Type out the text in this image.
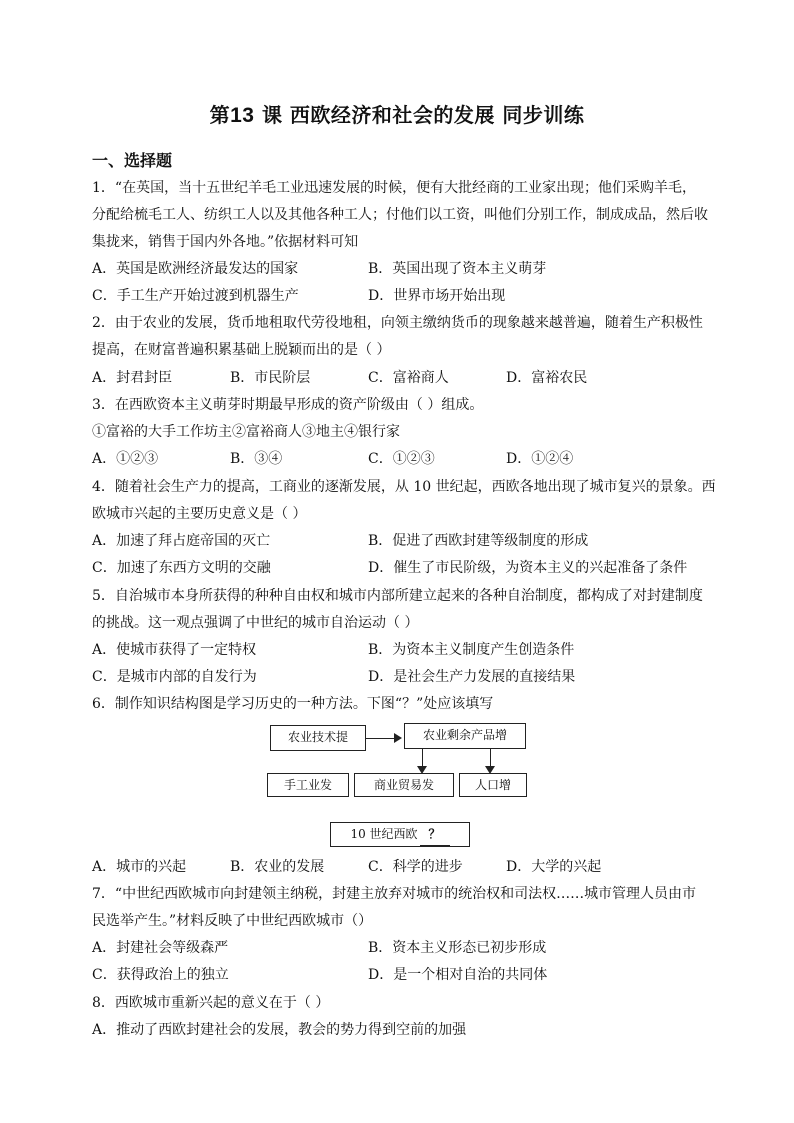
第13 课 西欧经济和社会的发展 同步训练
一、选择题
1．“在英国，当十五世纪羊毛工业迅速发展的时候，便有大批经商的工业家出现；他们采购羊毛，
分配给梳毛工人、纺织工人以及其他各种工人；付他们以工资，叫他们分别工作，制成成品，然后收
集拢来，销售于国内外各地。”依据材料可知
A．英国是欧洲经济最发达的国家	B．英国出现了资本主义萌芽
C．手工生产开始过渡到机器生产	D．世界市场开始出现
2．由于农业的发展，货币地租取代劳役地租，向领主缴纳货币的现象越来越普遍，随着生产积极性
提高，在财富普遍积累基础上脱颖而出的是（ ）
A．封君封臣	B．市民阶层	C．富裕商人	D．富裕农民
3．在西欧资本主义萌芽时期最早形成的资产阶级由（ ）组成。
①富裕的大手工作坊主②富裕商人③地主④银行家
A．①②③	B．③④	C．①②③	D．①②④
4．随着社会生产力的提高，工商业的逐渐发展，从 10 世纪起，西欧各地出现了城市复兴的景象。西
欧城市兴起的主要历史意义是（ ）
A．加速了拜占庭帝国的灭亡	B．促进了西欧封建等级制度的形成
C．加速了东西方文明的交融	D．催生了市民阶级，为资本主义的兴起准备了条件
5．自治城市本身所获得的种种自由权和城市内部所建立起来的各种自治制度，都构成了对封建制度
的挑战。这一观点强调了中世纪的城市自治运动（ ）
A．使城市获得了一定特权	B．为资本主义制度产生创造条件
C．是城市内部的自发行为	D．是社会生产力发展的直接结果
6．制作知识结构图是学习历史的一种方法。下图“？”处应该填写
农业技术提	农业剩余产品增
手工业发	商业贸易发	人口增
10 世纪西欧 ？
A．城市的兴起	B．农业的发展	C．科学的进步	D．大学的兴起
7．“中世纪西欧城市向封建领主纳税，封建主放弃对城市的统治权和司法权……城市管理人员由市
民选举产生。”材料反映了中世纪西欧城市（）
A．封建社会等级森严	B．资本主义形态已初步形成
C．获得政治上的独立	D．是一个相对自治的共同体
8．西欧城市重新兴起的意义在于（ ）
A．推动了西欧封建社会的发展，教会的势力得到空前的加强
